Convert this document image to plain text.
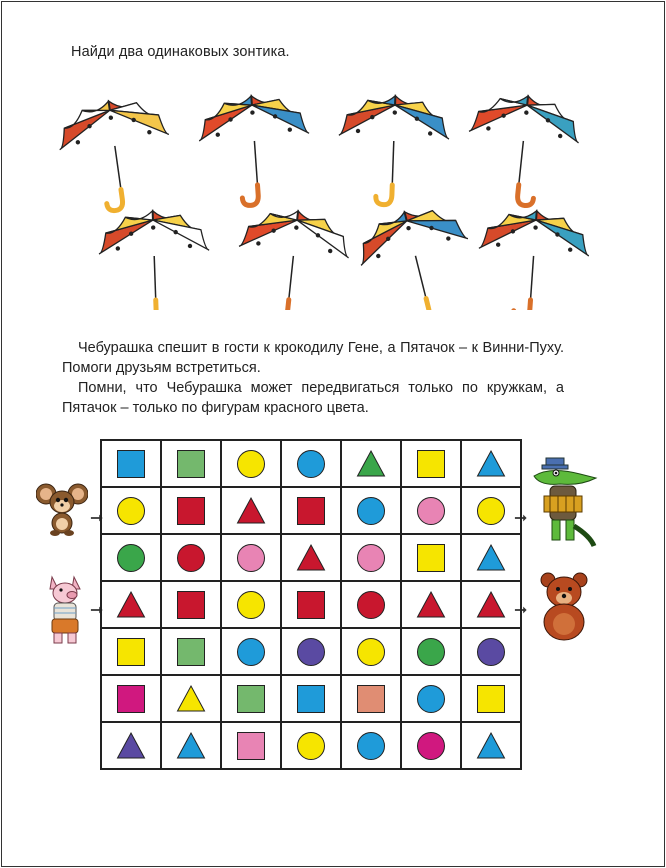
Найди два одинаковых зонтика.

Чебурашка спешит в гости к крокодилу Гене, а Пятачок – к Винни-Пуху. Помоги друзьям встретиться.

Помни, что Чебурашка может передвигаться только по кружкам, а Пятачок – только по фигурам красного цвета.

➞
➞
➞
➞
